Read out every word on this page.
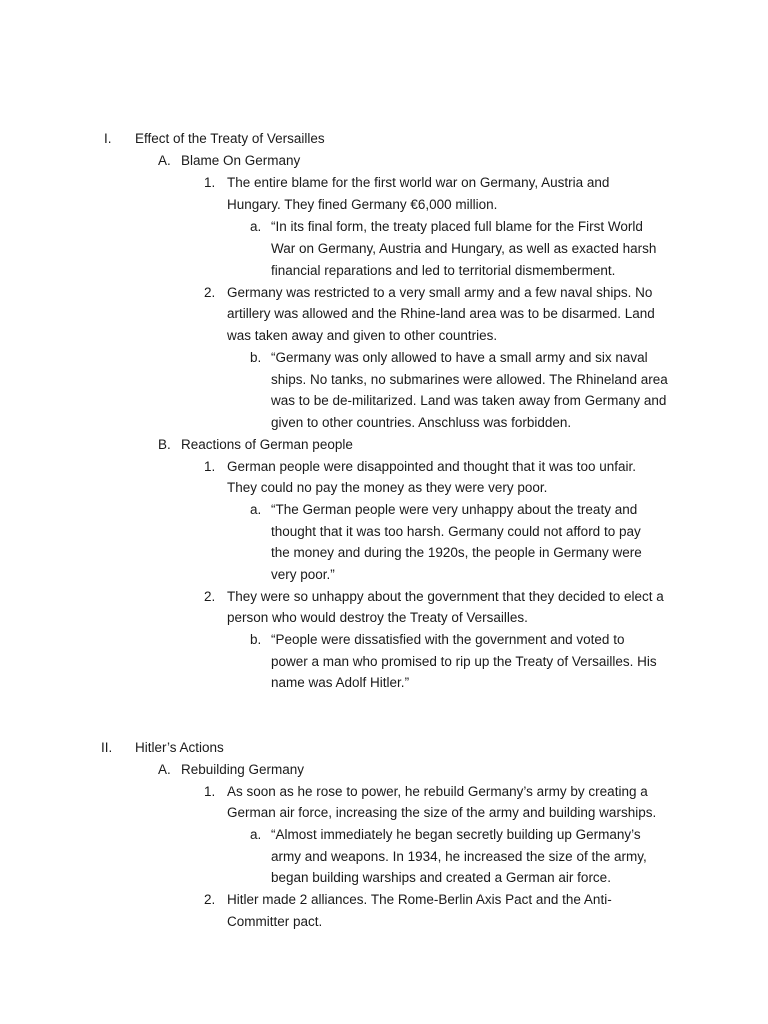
I. Effect of the Treaty of Versailles
A. Blame On Germany
1. The entire blame for the first world war on Germany, Austria and
Hungary. They fined Germany €6,000 million.
a. “In its final form, the treaty placed full blame for the First World
War on Germany, Austria and Hungary, as well as exacted harsh
financial reparations and led to territorial dismemberment.
2. Germany was restricted to a very small army and a few naval ships. No
artillery was allowed and the Rhine-land area was to be disarmed. Land
was taken away and given to other countries.
b. “Germany was only allowed to have a small army and six naval
ships. No tanks, no submarines were allowed. The Rhineland area
was to be de-militarized. Land was taken away from Germany and
given to other countries. Anschluss was forbidden.
B. Reactions of German people
1. German people were disappointed and thought that it was too unfair.
They could no pay the money as they were very poor.
a. “The German people were very unhappy about the treaty and
thought that it was too harsh. Germany could not afford to pay
the money and during the 1920s, the people in Germany were
very poor.”
2. They were so unhappy about the government that they decided to elect a
person who would destroy the Treaty of Versailles.
b. “People were dissatisfied with the government and voted to
power a man who promised to rip up the Treaty of Versailles. His
name was Adolf Hitler.”
II. Hitler’s Actions
A. Rebuilding Germany
1. As soon as he rose to power, he rebuild Germany’s army by creating a
German air force, increasing the size of the army and building warships.
a. “Almost immediately he began secretly building up Germany’s
army and weapons. In 1934, he increased the size of the army,
began building warships and created a German air force.
2. Hitler made 2 alliances. The Rome-Berlin Axis Pact and the Anti-
Committer pact.
